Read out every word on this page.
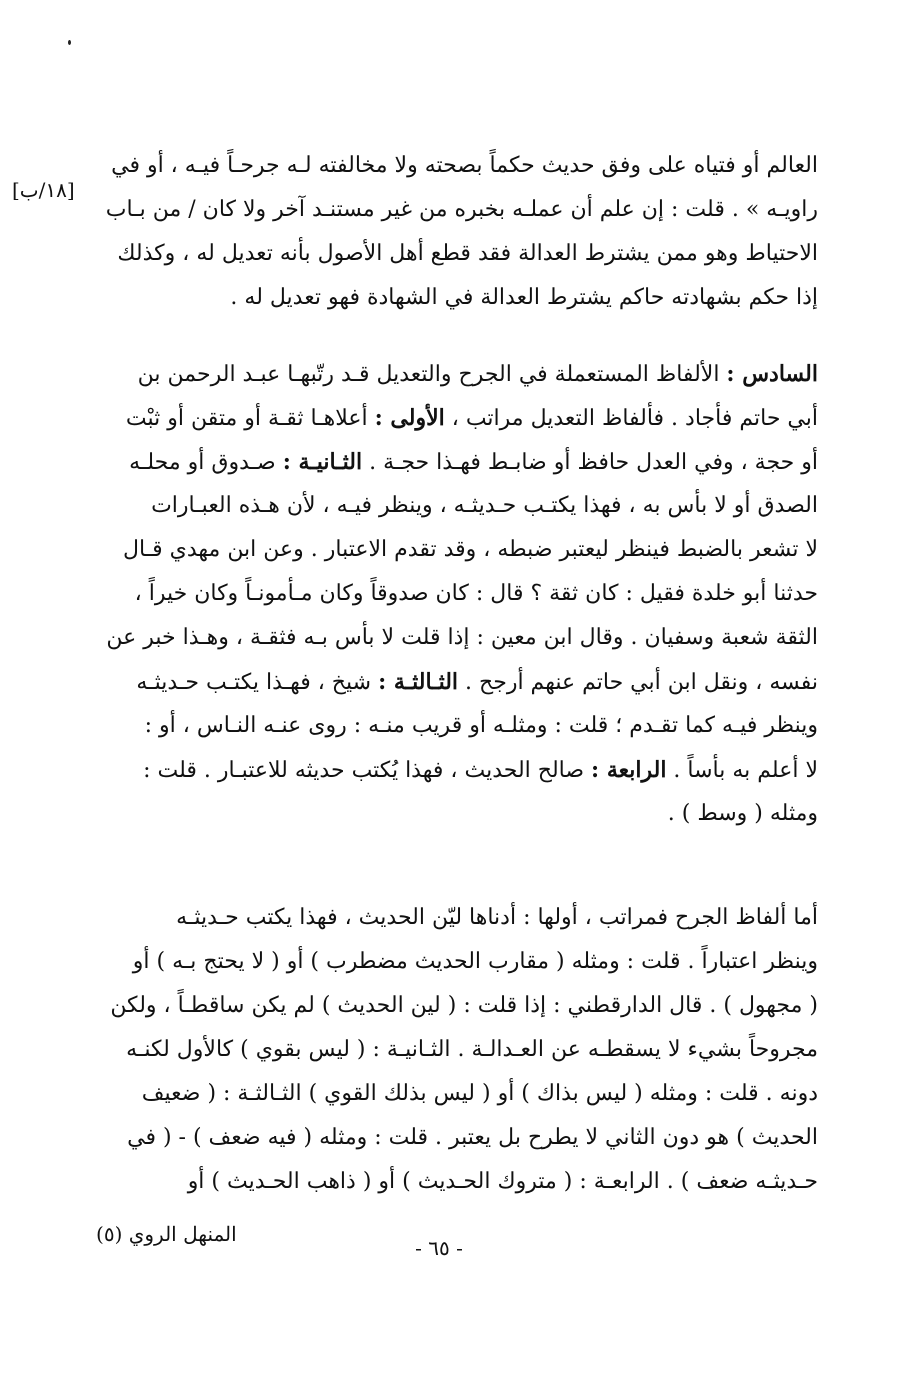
[١٨/ب]
العالم أو فتياه على وفق حديث حكماً بصحته ولا مخالفته لـه جرحـاً فيـه ، أو في
راويـه » . قلت : إن علم أن عملـه بخبره من غير مستنـد آخر ولا كان / من بـاب
الاحتياط وهو ممن يشترط العدالة فقد قطع أهل الأصول بأنه تعديل له ، وكذلك
إذا حكم بشهادته حاكم يشترط العدالة في الشهادة فهو تعديل له .
السادس : الألفاظ المستعملة في الجرح والتعديل قـد رتّبهـا عبـد الرحمن بن
أبي حاتم فأجاد . فألفاظ التعديل مراتب ، الأولى : أعلاهـا ثقـة أو متقن أو ثبْت
أو حجة ، وفي العدل حافظ أو ضابـط فهـذا حجـة . الثـانيـة : صـدوق أو محلـه
الصدق أو لا بأس به ، فهذا يكتـب حـديثـه ، وينظر فيـه ، لأن هـذه العبـارات
لا تشعر بالضبط فينظر ليعتبر ضبطه ، وقد تقدم الاعتبار . وعن ابن مهدي قـال
حدثنا أبو خلدة فقيل : كان ثقة ؟ قال : كان صدوقاً وكان مـأمونـاً وكان خيراً ،
الثقة شعبة وسفيان . وقال ابن معين : إذا قلت لا بأس بـه فثقـة ، وهـذا خبر عن
نفسه ، ونقل ابن أبي حاتم عنهم أرجح . الثـالثـة : شيخ ، فهـذا يكتـب حـديثـه
وينظر فيـه كما تقـدم ؛ قلت : ومثلـه أو قريب منـه : روى عنـه النـاس ، أو :
لا أعلم به بأساً . الرابعة : صالح الحديث ، فهذا يُكتب حديثه للاعتبـار . قلت :
ومثله ( وسط ) .
أما ألفاظ الجرح فمراتب ، أولها : أدناها ليّن الحديث ، فهذا يكتب حـديثـه
وينظر اعتباراً . قلت : ومثله ( مقارب الحديث مضطرب ) أو ( لا يحتج بـه ) أو
( مجهول ) . قال الدارقطني : إذا قلت : ( لين الحديث ) لم يكن ساقطـاً ، ولكن
مجروحاً بشيء لا يسقطـه عن العـدالـة . الثـانيـة : ( ليس بقوي ) كالأول لكنـه
دونه . قلت : ومثله ( ليس بذاك ) أو ( ليس بذلك القوي ) الثـالثـة : ( ضعيف
الحديث ) هو دون الثاني لا يطرح بل يعتبر . قلت : ومثله ( فيه ضعف ) - ( في
حـديثـه ضعف ) . الرابعـة : ( متروك الحـديث ) أو ( ذاهب الحـديث ) أو
المنهل الروي (٥)
- ٦٥ -
